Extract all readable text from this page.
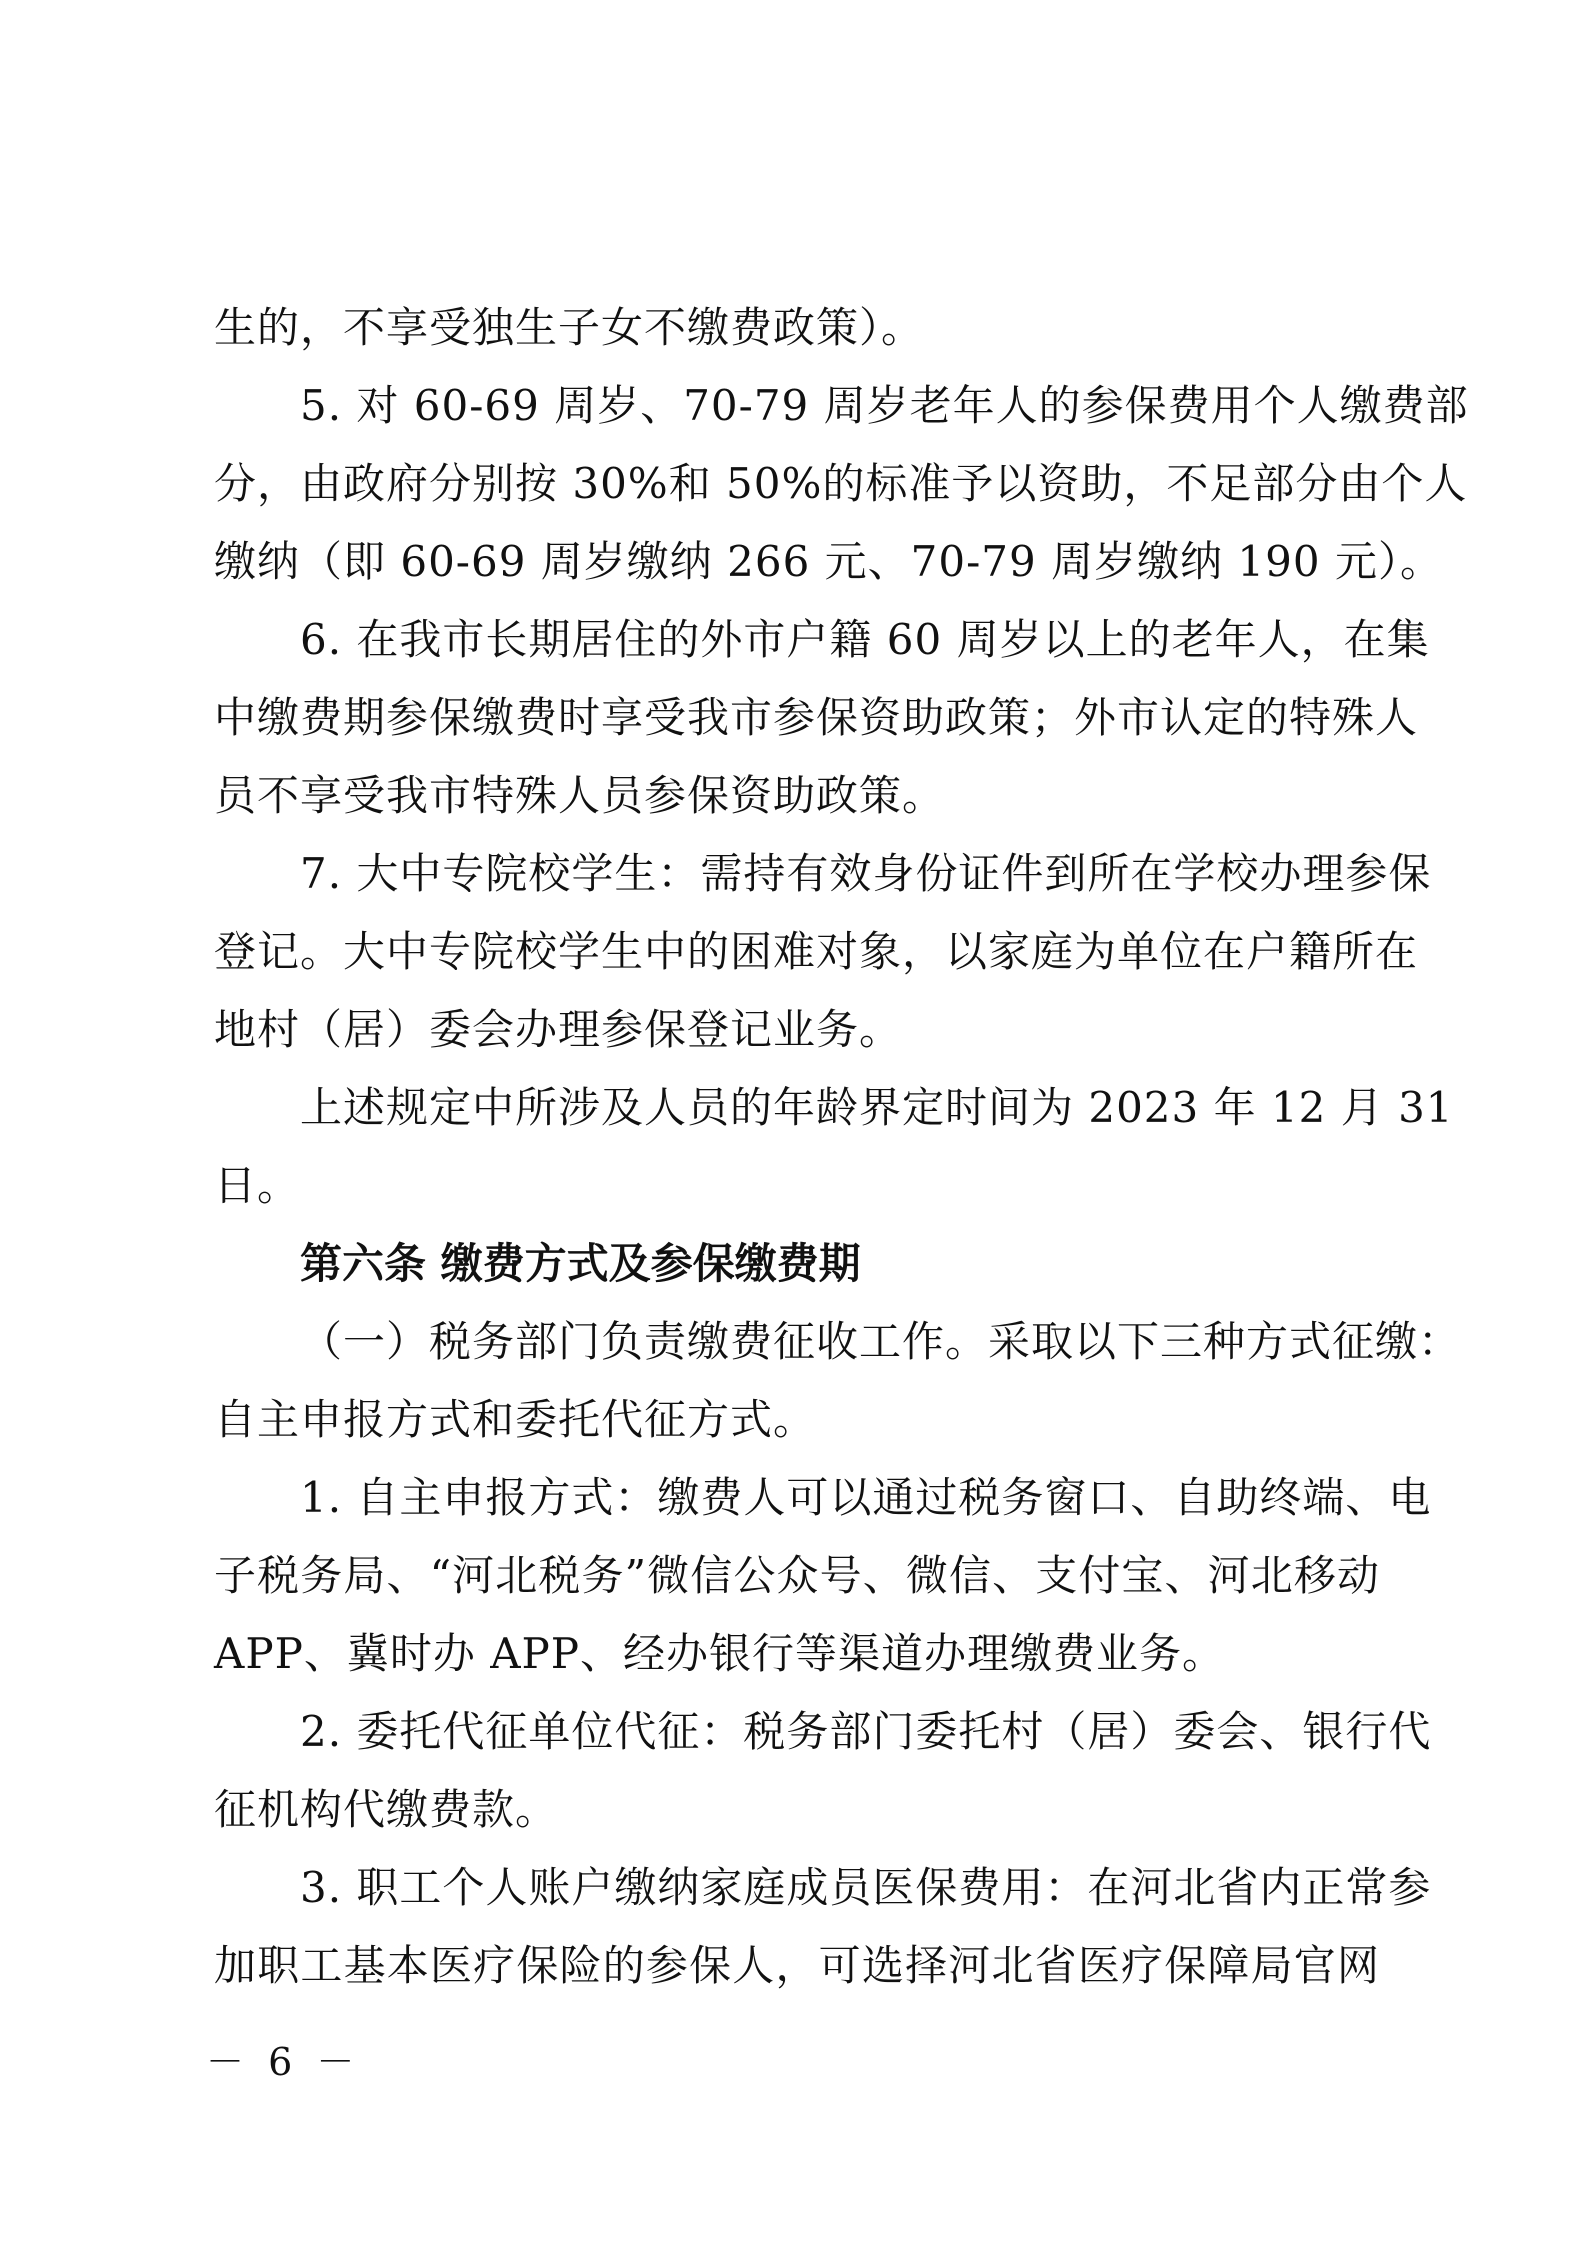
生的，不享受独生子女不缴费政策）。
5. 对 60-69 周岁、70-79 周岁老年人的参保费用个人缴费部
分，由政府分别按 30%和 50%的标准予以资助，不足部分由个人
缴纳（即 60-69 周岁缴纳 266 元、70-79 周岁缴纳 190 元）。
6. 在我市长期居住的外市户籍 60 周岁以上的老年人，在集
中缴费期参保缴费时享受我市参保资助政策；外市认定的特殊人
员不享受我市特殊人员参保资助政策。
7. 大中专院校学生：需持有效身份证件到所在学校办理参保
登记。大中专院校学生中的困难对象，以家庭为单位在户籍所在
地村（居）委会办理参保登记业务。
上述规定中所涉及人员的年龄界定时间为 2023 年 12 月 31
日。
第六条 缴费方式及参保缴费期
（一）税务部门负责缴费征收工作。采取以下三种方式征缴：
自主申报方式和委托代征方式。
1. 自主申报方式：缴费人可以通过税务窗口、自助终端、电
子税务局、“河北税务”微信公众号、微信、支付宝、河北移动
APP、冀时办 APP、经办银行等渠道办理缴费业务。
2. 委托代征单位代征：税务部门委托村（居）委会、银行代
征机构代缴费款。
3. 职工个人账户缴纳家庭成员医保费用：在河北省内正常参
加职工基本医疗保险的参保人，可选择河北省医疗保障局官网
－ 6 －
